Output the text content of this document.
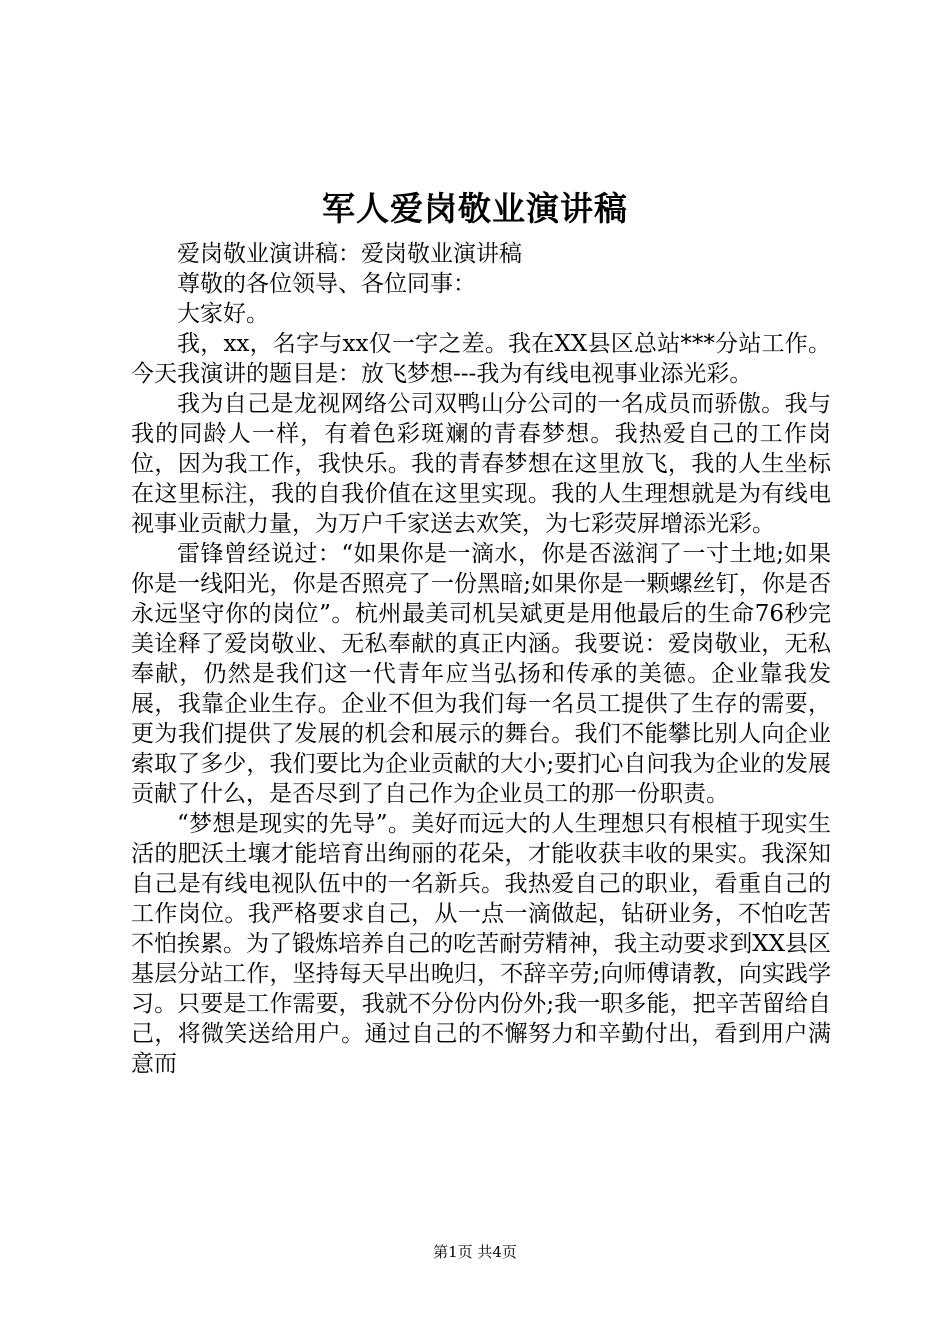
军人爱岗敬业演讲稿

爱岗敬业演讲稿：爱岗敬业演讲稿

尊敬的各位领导、各位同事：

大家好。

我，xx，名字与xx仅一字之差。我在XX县区总站***分站工作。今天我演讲的题目是：放飞梦想---我为有线电视事业添光彩。

我为自己是龙视网络公司双鸭山分公司的一名成员而骄傲。我与我的同龄人一样，有着色彩斑斓的青春梦想。我热爱自己的工作岗位，因为我工作，我快乐。我的青春梦想在这里放飞，我的人生坐标在这里标注，我的自我价值在这里实现。我的人生理想就是为有线电视事业贡献力量，为万户千家送去欢笑，为七彩荧屏增添光彩。

雷锋曾经说过：“如果你是一滴水，你是否滋润了一寸土地;如果你是一线阳光，你是否照亮了一份黑暗;如果你是一颗螺丝钉，你是否永远坚守你的岗位”。杭州最美司机吴斌更是用他最后的生命76秒完美诠释了爱岗敬业、无私奉献的真正内涵。我要说：爱岗敬业，无私奉献，仍然是我们这一代青年应当弘扬和传承的美德。企业靠我发展，我靠企业生存。企业不但为我们每一名员工提供了生存的需要，更为我们提供了发展的机会和展示的舞台。我们不能攀比别人向企业索取了多少，我们要比为企业贡献的大小;要扪心自问我为企业的发展贡献了什么，是否尽到了自己作为企业员工的那一份职责。

“梦想是现实的先导”。美好而远大的人生理想只有根植于现实生活的肥沃土壤才能培育出绚丽的花朵，才能收获丰收的果实。我深知自己是有线电视队伍中的一名新兵。我热爱自己的职业，看重自己的工作岗位。我严格要求自己，从一点一滴做起，钻研业务，不怕吃苦不怕挨累。为了锻炼培养自己的吃苦耐劳精神，我主动要求到XX县区基层分站工作，坚持每天早出晚归，不辞辛劳;向师傅请教，向实践学习。只要是工作需要，我就不分份内份外;我一职多能，把辛苦留给自己，将微笑送给用户。通过自己的不懈努力和辛勤付出，看到用户满意而

第1页 共4页
